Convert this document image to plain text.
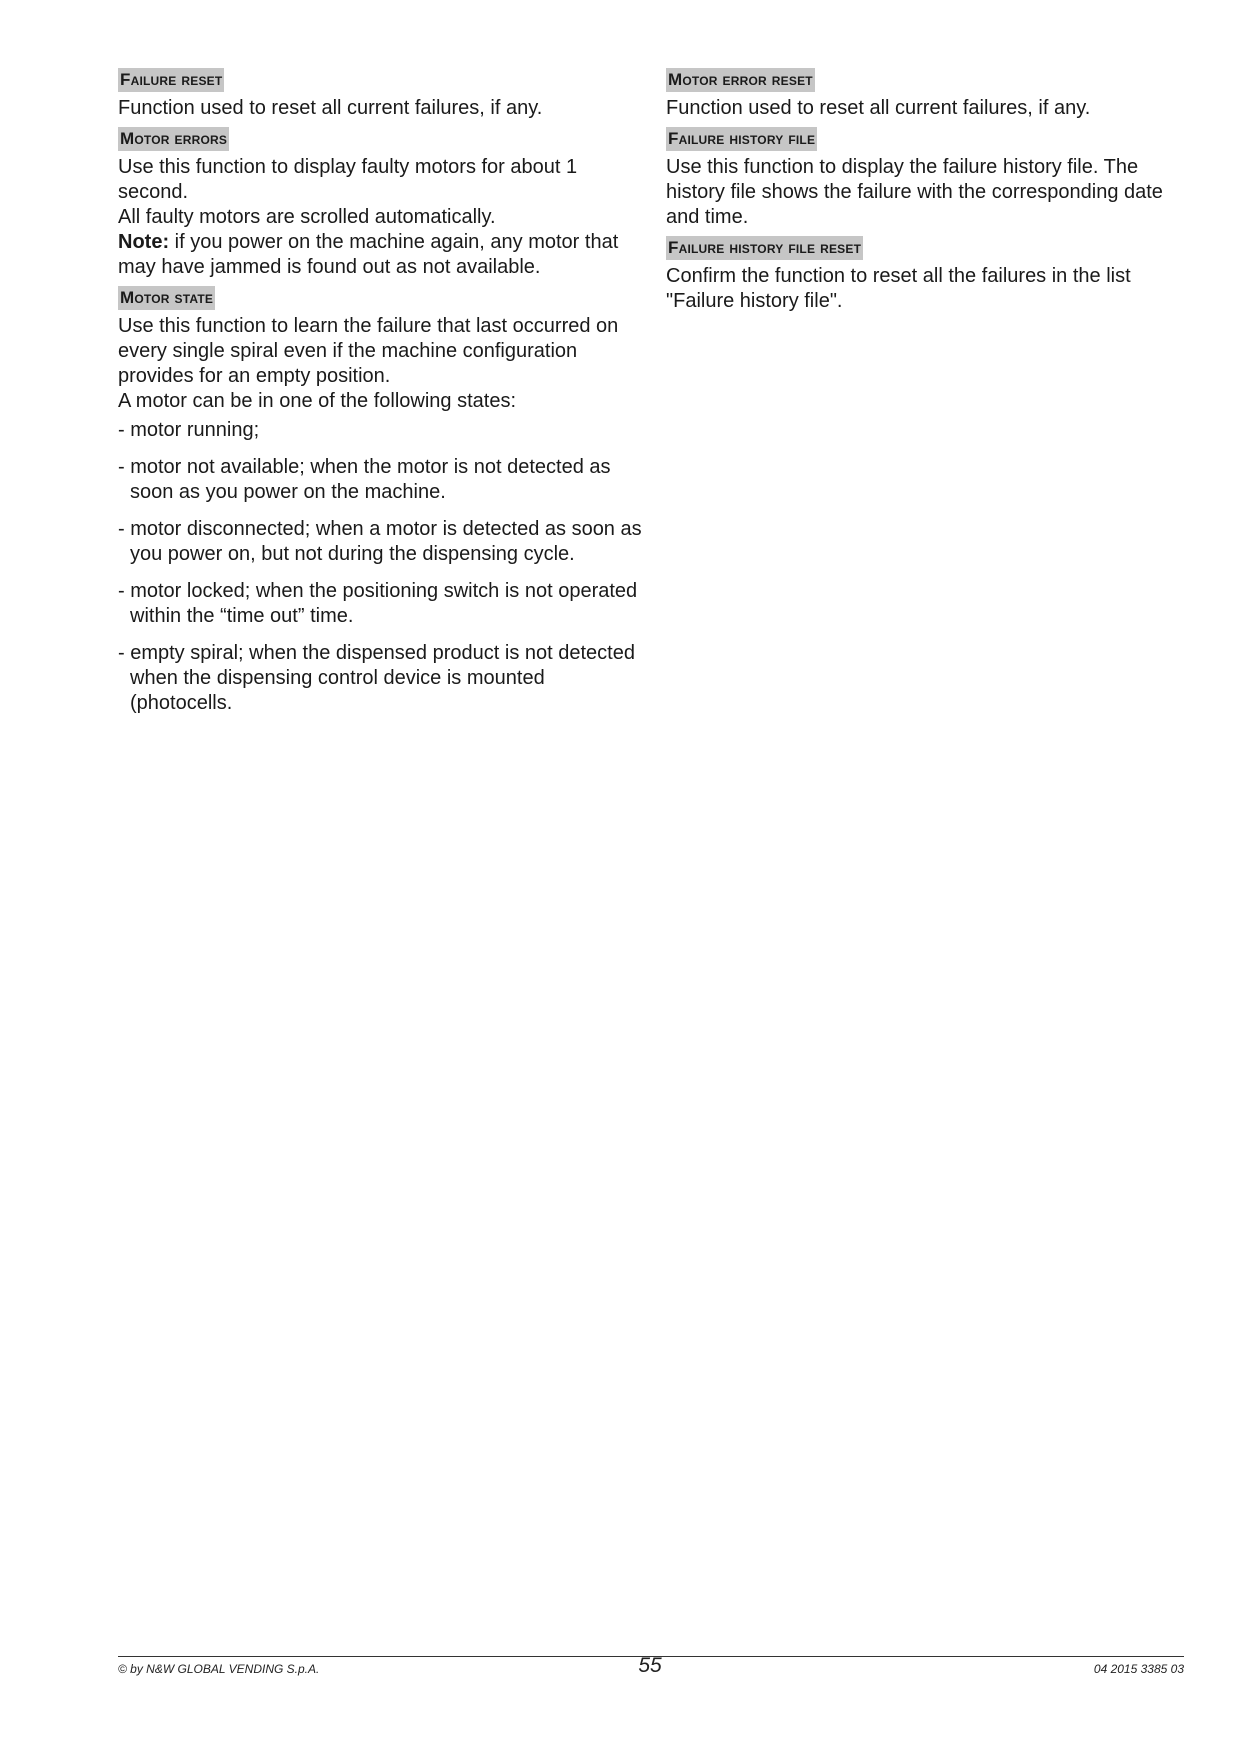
Failure reset

Function used to reset all current failures, if any.

Motor errors

Use this function to display faulty motors for about 1 second.

All faulty motors are scrolled automatically.

Note: if you power on the machine again, any motor that may have jammed is found out as not available.

Motor state

Use this function to learn the failure that last occurred on every single spiral even if the machine configuration provides for an empty position.

A motor can be in one of the following states:

- motor running;
- motor not available; when the motor is not detected as soon as you power on the machine.
- motor disconnected; when a motor is detected as soon as you power on, but not during the dispensing cycle.
- motor locked; when the positioning switch is not operated within the “time out” time.
- empty spiral; when the dispensed product is not detected when the dispensing control device is mounted (photocells.
Motor error reset

Function used to reset all current failures, if any.

Failure history file

Use this function to display the failure history file. The history file shows the failure with the corresponding date and time.

Failure history file reset

Confirm the function to reset all the failures in the list "Failure history file".

© by N&W GLOBAL VENDING S.p.A.	55	04 2015 3385 03
